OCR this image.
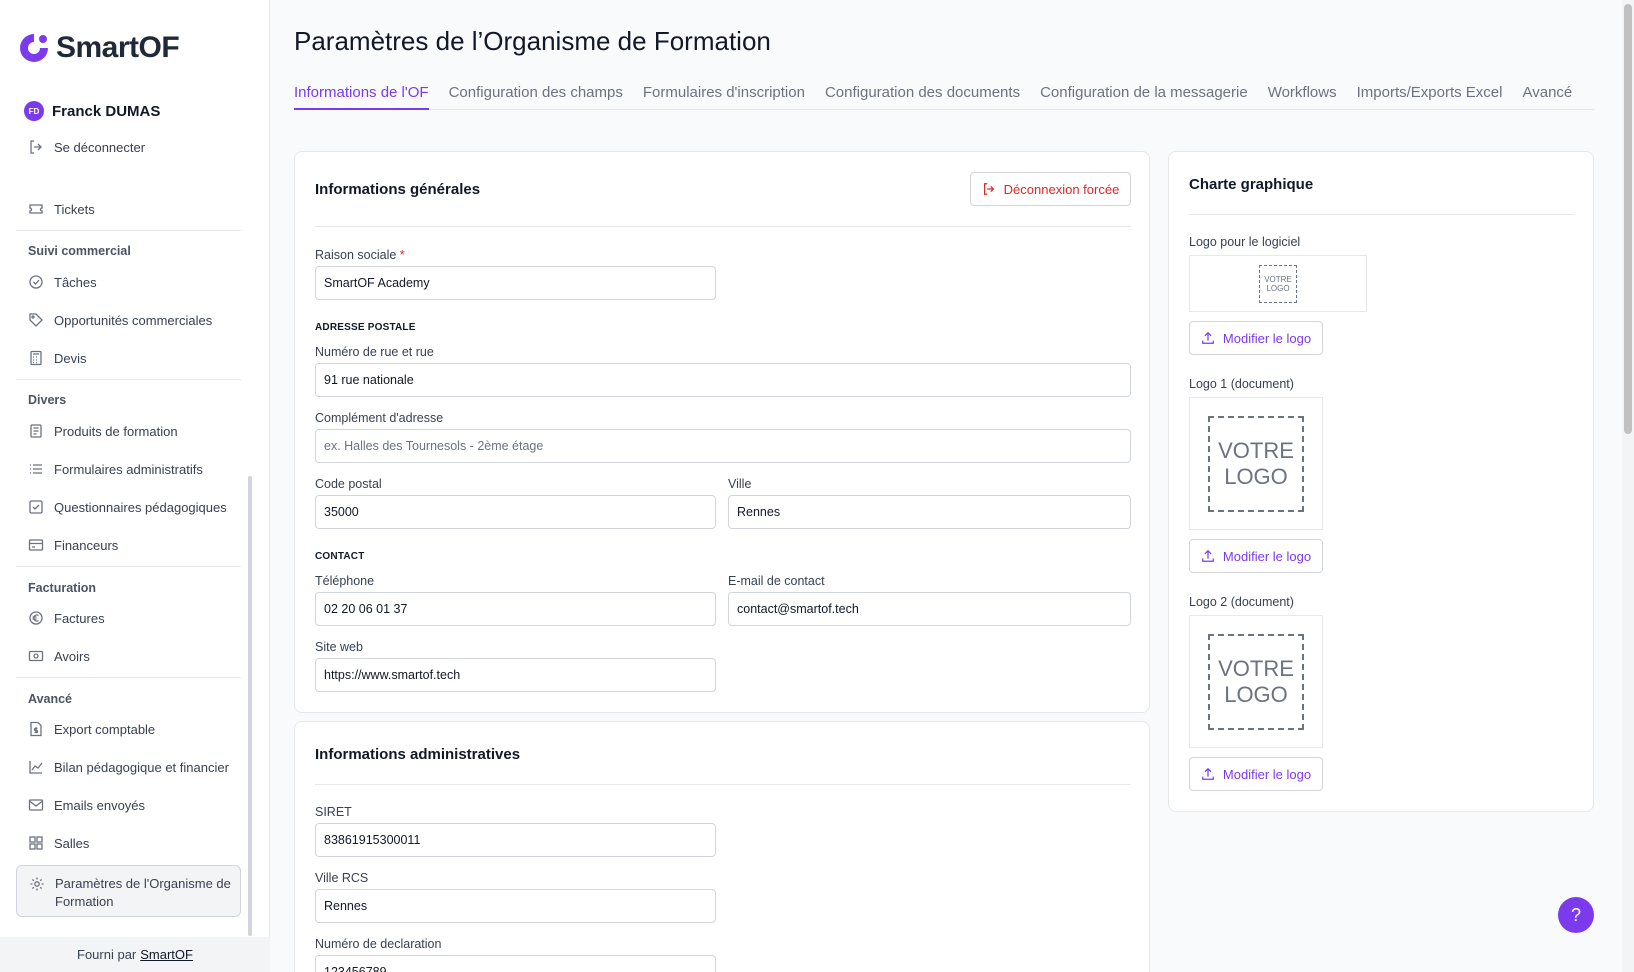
SmartOF
FD Franck DUMAS
Se déconnecter
Tickets
Suivi commercial
Tâches
Opportunités commerciales
Devis
Divers
Produits de formation
Formulaires administratifs
Questionnaires pédagogiques
Financeurs
Facturation
Factures
Avoirs
Avancé
Export comptable
Bilan pédagogique et financier
Emails envoyés
Salles
Paramètres de l'Organisme de Formation
Fourni par SmartOF
Paramètres de l’Organisme de Formation
Informations de l'OF Configuration des champs Formulaires d'inscription Configuration des documents Configuration de la messagerie Workflows Imports/Exports Excel Avancé
Informations générales	Déconnexion forcée
Raison sociale *
SmartOF Academy
ADRESSE POSTALE
Numéro de rue et rue
91 rue nationale
Complément d'adresse
ex. Halles des Tournesols - 2ème étage
Code postal
35000	Ville
Rennes
CONTACT
Téléphone
02 20 06 01 37	E-mail de contact
contact@smartof.tech
Site web
https://www.smartof.tech
Informations administratives
SIRET
83861915300011
Ville RCS
Rennes
Numéro de declaration
123456789
Charte graphique
Logo pour le logiciel
VOTRE
LOGO
Modifier le logo
Logo 1 (document)
VOTRE
LOGO
Modifier le logo
Logo 2 (document)
VOTRE
LOGO
Modifier le logo
?
